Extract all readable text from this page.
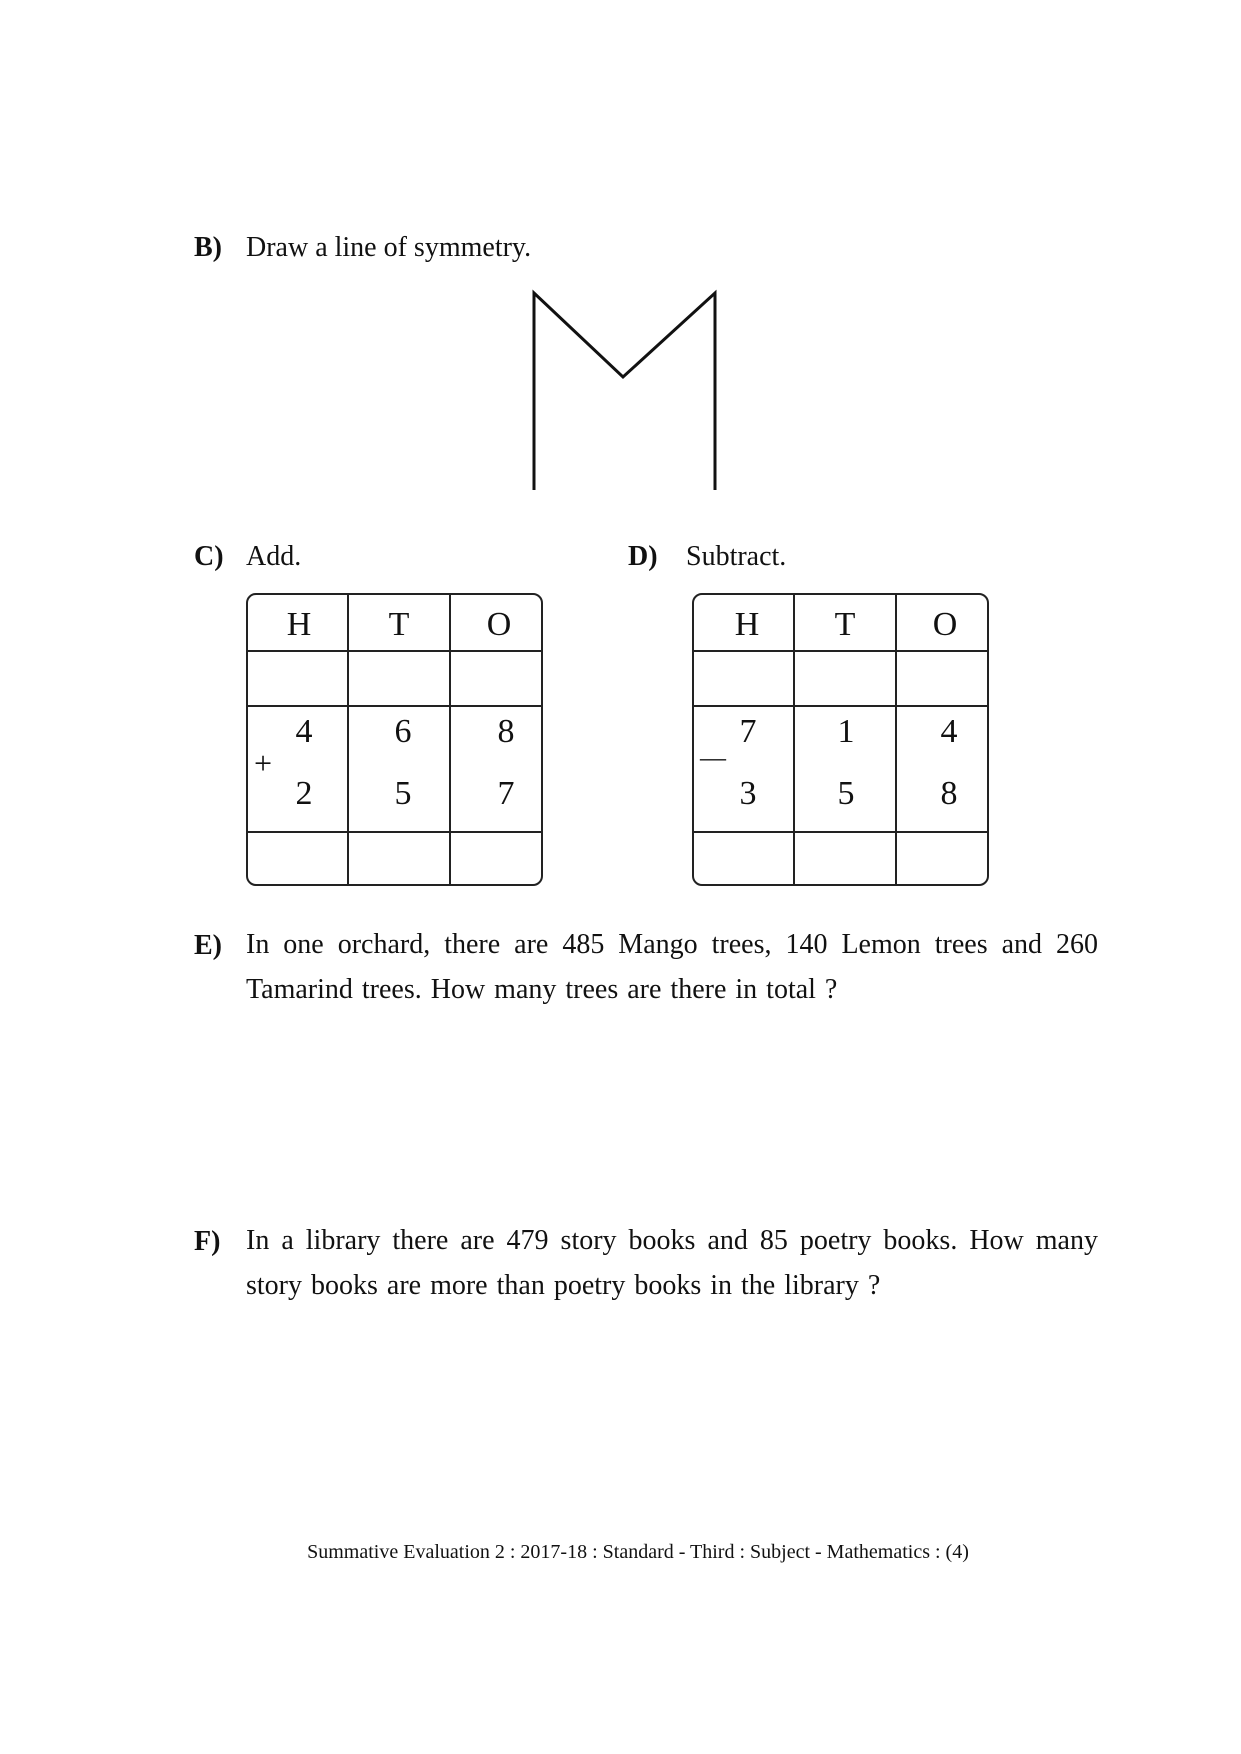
B) Draw a line of symmetry.
C) Add.	D) Subtract.
H	T	O
4	6	8
+
2	5	7
H	T	O
7	1	4
—
3	5	8
E) In one orchard, there are 485 Mango trees, 140 Lemon trees and 260 Tamarind trees. How many trees are there in total ?
F) In a library there are 479 story books and 85 poetry books. How many story books are more than poetry books in the library ?
Summative Evaluation 2 : 2017-18 : Standard - Third : Subject - Mathematics : (4)
